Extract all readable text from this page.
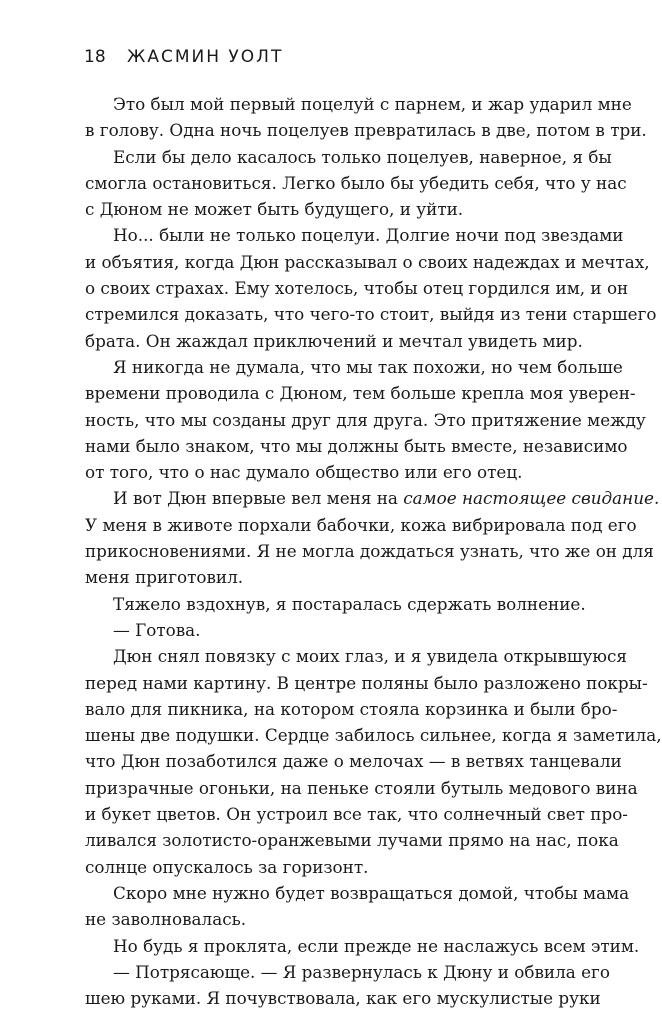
18 ЖАСМИН УОЛТ
Это был мой первый поцелуй с парнем, и жар ударил мне
в голову. Одна ночь поцелуев превратилась в две, потом в три.
Если бы дело касалось только поцелуев, наверное, я бы
смогла остановиться. Легко было бы убедить себя, что у нас
с Дюном не может быть будущего, и уйти.
Но... были не только поцелуи. Долгие ночи под звездами
и объятия, когда Дюн рассказывал о своих надеждах и мечтах,
о своих страхах. Ему хотелось, чтобы отец гордился им, и он
стремился доказать, что чего-то стоит, выйдя из тени старшего
брата. Он жаждал приключений и мечтал увидеть мир.
Я никогда не думала, что мы так похожи, но чем больше
времени проводила с Дюном, тем больше крепла моя уверен-
ность, что мы созданы друг для друга. Это притяжение между
нами было знаком, что мы должны быть вместе, независимо
от того, что о нас думало общество или его отец.
И вот Дюн впервые вел меня на самое настоящее свидание.
У меня в животе порхали бабочки, кожа вибрировала под его
прикосновениями. Я не могла дождаться узнать, что же он для
меня приготовил.
Тяжело вздохнув, я постаралась сдержать волнение.
— Готова.
Дюн снял повязку с моих глаз, и я увидела открывшуюся
перед нами картину. В центре поляны было разложено покры-
вало для пикника, на котором стояла корзинка и были бро-
шены две подушки. Сердце забилось сильнее, когда я заметила,
что Дюн позаботился даже о мелочах — в ветвях танцевали
призрачные огоньки, на пеньке стояли бутыль медового вина
и букет цветов. Он устроил все так, что солнечный свет про-
ливался золотисто-оранжевыми лучами прямо на нас, пока
солнце опускалось за горизонт.
Скоро мне нужно будет возвращаться домой, чтобы мама
не заволновалась.
Но будь я проклята, если прежде не наслажусь всем этим.
— Потрясающе. — Я развернулась к Дюну и обвила его
шею руками. Я почувствовала, как его мускулистые руки
